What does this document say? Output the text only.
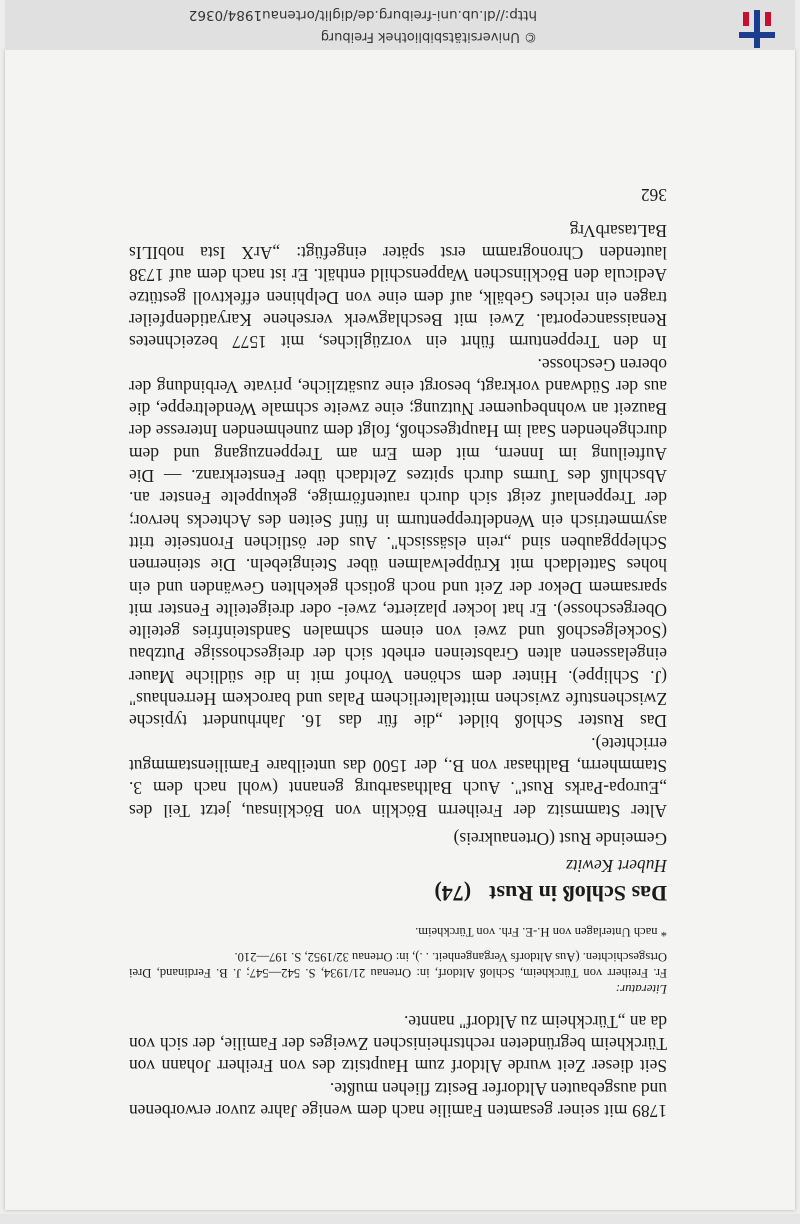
1789 mit seiner gesamten Familie nach dem wenige Jahre zuvor erworbenen und ausgebauten Altdorfer Besitz fliehen mußte.

Seit dieser Zeit wurde Altdorf zum Hauptsitz des von Freiherr Johann von Türckheim begründeten rechtsrheinischen Zweiges der Familie, der sich von da an „Türckheim zu Altdorf" nannte.

Literatur:

Fr. Freiherr von Türckheim, Schloß Altdorf, in: Ortenau 21/1934, S. 542—547; J. B. Ferdinand, Drei Ortsgeschichten. (Aus Altdorfs Vergangenheit. . .), in: Ortenau 32/1952, S. 197—210.

* nach Unterlagen von H.-E. Frh. von Türckheim.

Das Schloß in Rust(74)

Hubert Kewitz

Gemeinde Rust (Ortenaukreis)

Alter Stammsitz der Freiherrn Böcklin von Böcklinsau, jetzt Teil des „Europa-Parks Rust". Auch Balthasarburg genannt (wohl nach dem 3. Stammherrn, Balthasar von B., der 1500 das unteilbare Familienstammgut errichtete).

Das Ruster Schloß bildet „die für das 16. Jahrhundert typische Zwischenstufe zwischen mittelalterlichem Palas und barockem Herrenhaus" (J. Schlippe). Hinter dem schönen Vorhof mit in die südliche Mauer eingelassenen alten Grabsteinen erhebt sich der dreigeschossige Putzbau (Sockelgeschoß und zwei von einem schmalen Sandsteinfries geteilte Obergeschosse). Er hat locker plazierte, zwei- oder dreigeteilte Fenster mit sparsamem Dekor der Zeit und noch gotisch gekehlten Gewänden und ein hohes Satteldach mit Krüppelwalmen über Steingiebeln. Die steinernen Schleppgauben sind „rein elsässisch". Aus der östlichen Frontseite tritt asymmetrisch ein Wendeltreppenturm in fünf Seiten des Achtecks hervor; der Treppenlauf zeigt sich durch rautenförmige, gekuppelte Fenster an. Abschluß des Turms durch spitzes Zeltdach über Fensterkranz. — Die Aufteilung im Innern, mit dem Ern am Treppenzugang und dem durchgehenden Saal im Hauptgeschoß, folgt dem zunehmenden Interesse der Bauzeit an wohnbequemer Nutzung; eine zweite schmale Wendeltreppe, die aus der Südwand vorkragt, besorgt eine zusätzliche, private Verbindung der oberen Geschosse.

In den Treppenturm führt ein vorzügliches, mit 1577 bezeichnetes Renaissanceportal. Zwei mit Beschlagwerk versehene Karyatidenpfeiler tragen ein reiches Gebälk, auf dem eine von Delphinen effektvoll gestütze Aedicula den Böcklinschen Wappenschild enthält. Er ist nach dem auf 1738 lautenden Chronogramm erst später eingefügt: „ArX Ista nobILIs BaLtasarbVrg

362

© Universitätsbibliothek Freiburg
http://dl.ub.uni-freiburg.de/diglit/ortenau1984/0362
